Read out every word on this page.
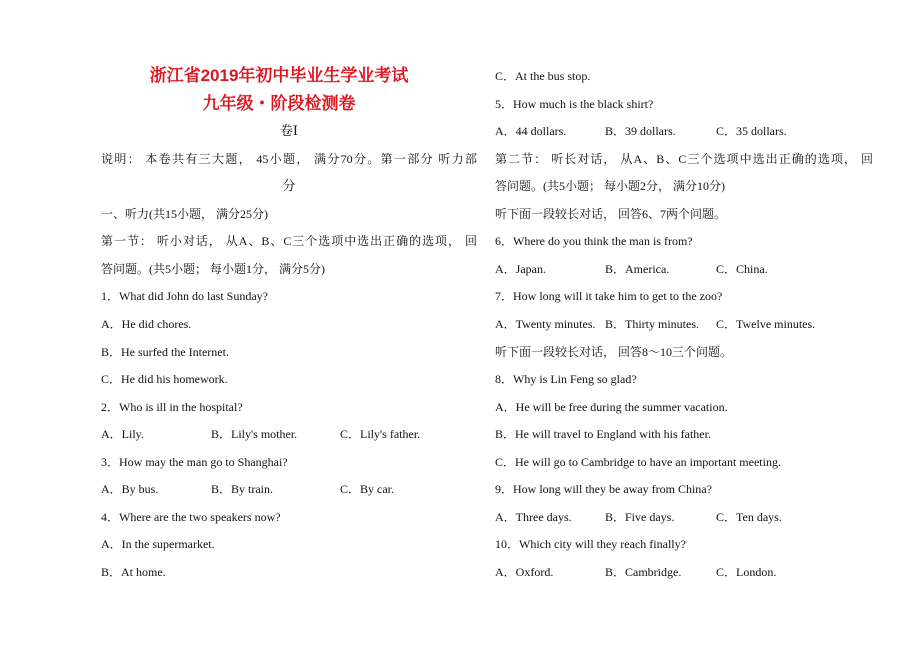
浙江省2019年初中毕业生学业考试
九年级・阶段检测卷
卷Ⅰ
说明： 本卷共有三大题， 45小题， 满分70分。第一部分 听力部
分
一、听力(共15小题， 满分25分)
第一节： 听小对话， 从A、B、C三个选项中选出正确的选项， 回
答问题。(共5小题； 每小题1分， 满分5分)
1．What did John do last Sunday?
A．He did chores.
B．He surfed the Internet.
C．He did his homework.
2．Who is ill in the hospital?
A．Lily.	B．Lily's mother.	C．Lily's father.
3．How may the man go to Shanghai?
A．By bus.	B．By train.	C．By car.
4．Where are the two speakers now?
A．In the supermarket.
B．At home.
C．At the bus stop.
5．How much is the black shirt?
A．44 dollars.	B．39 dollars.	C．35 dollars.
第二节： 听长对话， 从A、B、C三个选项中选出正确的选项， 回
答问题。(共5小题； 每小题2分， 满分10分)
听下面一段较长对话， 回答6、7两个问题。
6．Where do you think the man is from?
A．Japan.	B．America.	C．China.
7．How long will it take him to get to the zoo?
A．Twenty minutes. B．Thirty minutes. C．Twelve minutes.
听下面一段较长对话， 回答8～10三个问题。
8．Why is Lin Feng so glad?
A．He will be free during the summer vacation.
B．He will travel to England with his father.
C．He will go to Cambridge to have an important meeting.
9．How long will they be away from China?
A．Three days.	B．Five days.	C．Ten days.
10．Which city will they reach finally?
A．Oxford.	B．Cambridge.	C．London.
